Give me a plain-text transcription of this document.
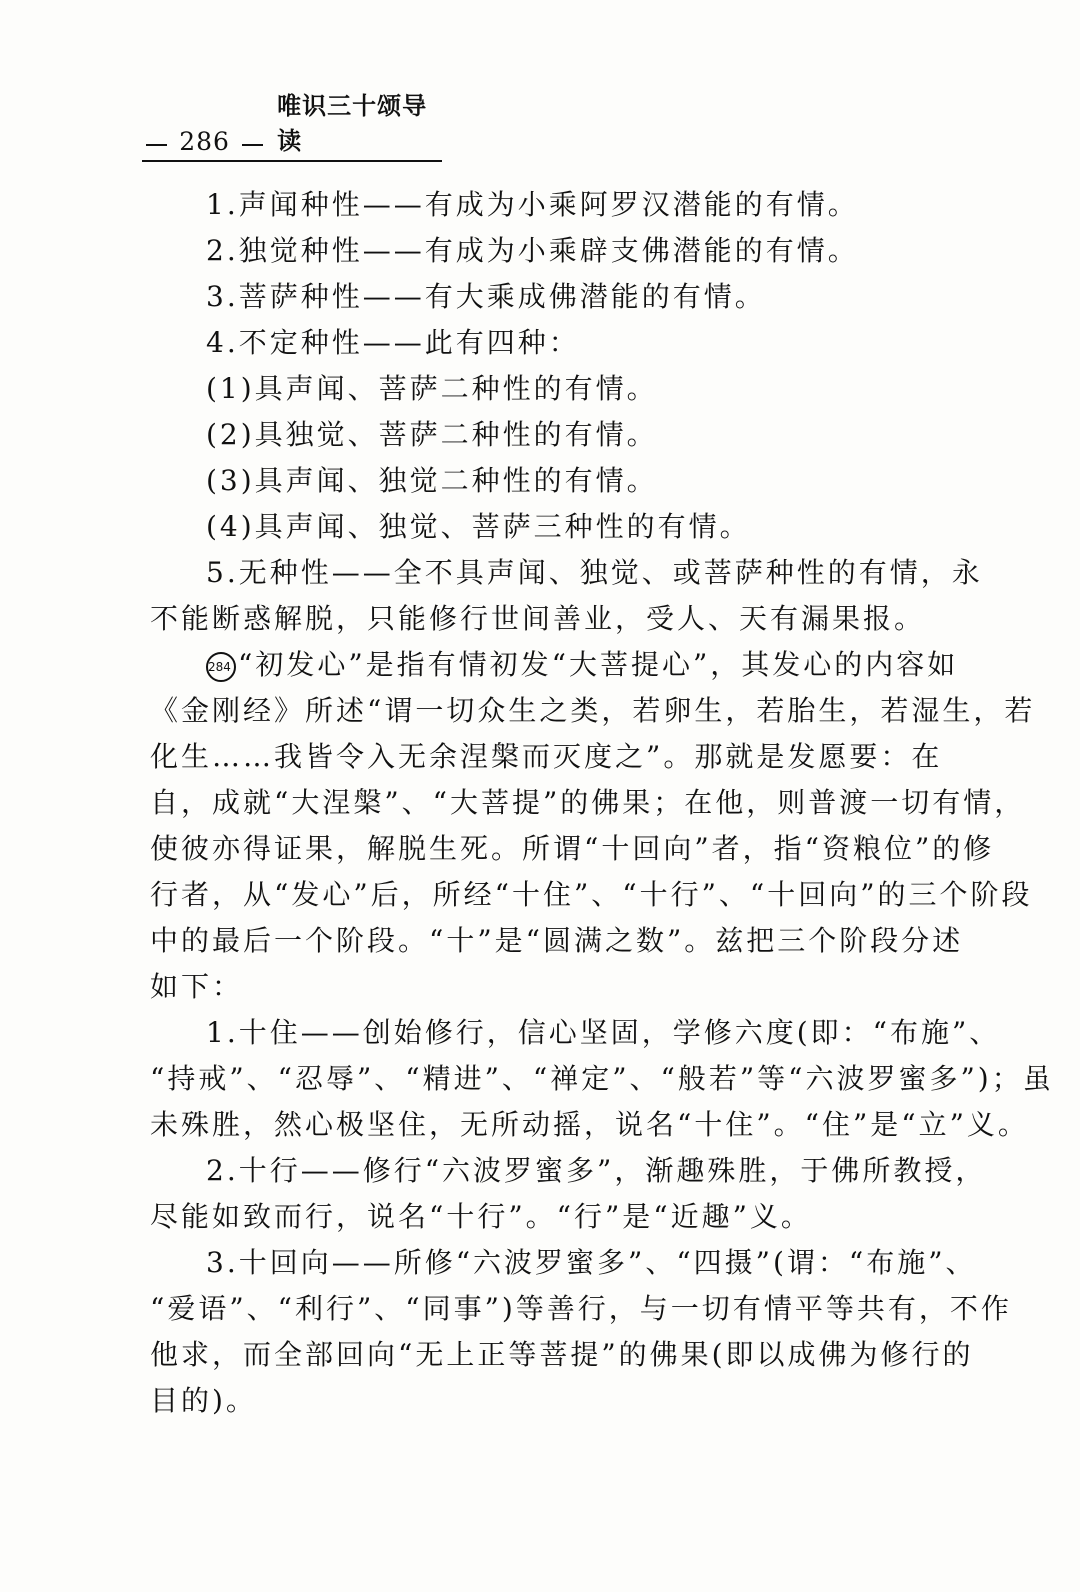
286
唯识三十颂导读
1.声闻种性——有成为小乘阿罗汉潜能的有情。
2.独觉种性——有成为小乘辟支佛潜能的有情。
3.菩萨种性——有大乘成佛潜能的有情。
4.不定种性——此有四种：
(1)具声闻、菩萨二种性的有情。
(2)具独觉、菩萨二种性的有情。
(3)具声闻、独觉二种性的有情。
(4)具声闻、独觉、菩萨三种性的有情。
5.无种性——全不具声闻、独觉、或菩萨种性的有情，永
不能断惑解脱，只能修行世间善业，受人、天有漏果报。
284 “初发心”是指有情初发“大菩提心”，其发心的内容如
《金刚经》所述“谓一切众生之类，若卵生，若胎生，若湿生，若
化生……我皆令入无余涅槃而灭度之”。那就是发愿要：在
自，成就“大涅槃”、“大菩提”的佛果；在他，则普渡一切有情，
使彼亦得证果，解脱生死。所谓“十回向”者，指“资粮位”的修
行者，从“发心”后，所经“十住”、“十行”、“十回向”的三个阶段
中的最后一个阶段。“十”是“圆满之数”。兹把三个阶段分述
如下：
1.十住——创始修行，信心坚固，学修六度(即：“布施”、
“持戒”、“忍辱”、“精进”、“禅定”、“般若”等“六波罗蜜多”)；虽
未殊胜，然心极坚住，无所动摇，说名“十住”。“住”是“立”义。
2.十行——修行“六波罗蜜多”，渐趣殊胜，于佛所教授，
尽能如致而行，说名“十行”。“行”是“近趣”义。
3.十回向——所修“六波罗蜜多”、“四摄”(谓：“布施”、
“爱语”、“利行”、“同事”)等善行，与一切有情平等共有，不作
他求，而全部回向“无上正等菩提”的佛果(即以成佛为修行的
目的)。
